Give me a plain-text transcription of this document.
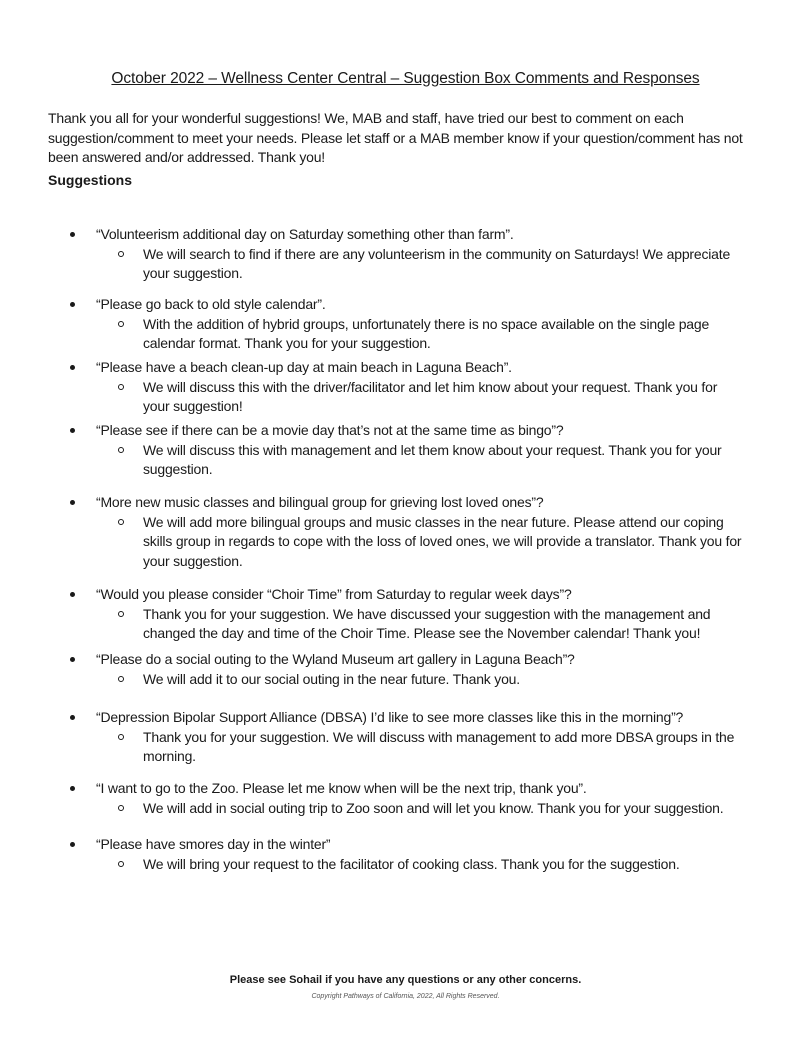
October 2022 – Wellness Center Central – Suggestion Box Comments and Responses
Thank you all for your wonderful suggestions! We, MAB and staff, have tried our best to comment on each suggestion/comment to meet your needs. Please let staff or a MAB member know if your question/comment has not been answered and/or addressed. Thank you!
Suggestions
“Volunteerism additional day on Saturday something other than farm”.
We will search to find if there are any volunteerism in the community on Saturdays! We appreciate your suggestion.
“Please go back to old style calendar”.
With the addition of hybrid groups, unfortunately there is no space available on the single page calendar format. Thank you for your suggestion.
“Please have a beach clean-up day at main beach in Laguna Beach”.
We will discuss this with the driver/facilitator and let him know about your request. Thank you for your suggestion!
“Please see if there can be a movie day that’s not at the same time as bingo”?
We will discuss this with management and let them know about your request. Thank you for your suggestion.
“More new music classes and bilingual group for grieving lost loved ones”?
We will add more bilingual groups and music classes in the near future. Please attend our coping skills group in regards to cope with the loss of loved ones, we will provide a translator. Thank you for your suggestion.
“Would you please consider “Choir Time” from Saturday to regular week days”?
Thank you for your suggestion. We have discussed your suggestion with the management and changed the day and time of the Choir Time. Please see the November calendar! Thank you!
“Please do a social outing to the Wyland Museum art gallery in Laguna Beach”?
We will add it to our social outing in the near future. Thank you.
“Depression Bipolar Support Alliance (DBSA) I’d like to see more classes like this in the morning”?
Thank you for your suggestion. We will discuss with management to add more DBSA groups in the morning.
“I want to go to the Zoo. Please let me know when will be the next trip, thank you”.
We will add in social outing trip to Zoo soon and will let you know. Thank you for your suggestion.
“Please have smores day in the winter”
We will bring your request to the facilitator of cooking class. Thank you for the suggestion.
Please see Sohail if you have any questions or any other concerns.
Copyright Pathways of California, 2022, All Rights Reserved.
